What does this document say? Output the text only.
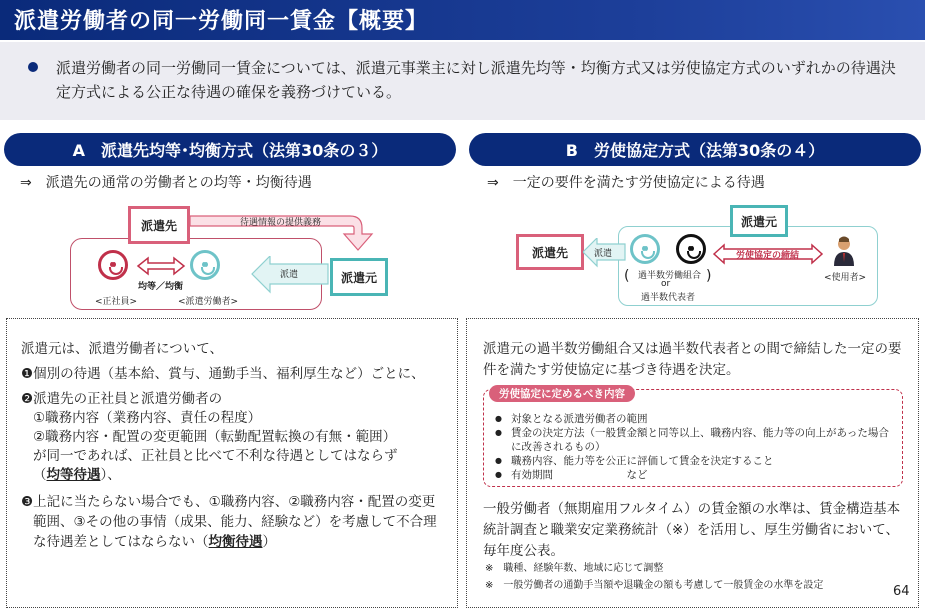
派遣労働者の同一労働同一賃金【概要】
派遣労働者の同一労働同一賃金については、派遣元事業主に対し派遣先均等・均衡方式又は労使協定方式のいずれかの待遇決定方式による公正な待遇の確保を義務づけている。
A　派遣先均等･均衡方式（法第30条の３）	B　労使協定方式（法第30条の４）
⇒　派遣先の通常の労働者との均等・均衡待遇	⇒　一定の要件を満たす労使協定による待遇
派遣先
派遣元
待遇情報の提供義務
派遣
均等／均衡
<正社員>	<派遣労働者>
派遣先
派遣元
派遣	労使協定の締結
<使用者>
(	)
過半数労働組合
or
過半数代表者
派遣元は、派遣労働者について、
❶個別の待遇（基本給、賞与、通勤手当、福利厚生など）ごとに、
❷派遣先の正社員と派遣労働者の
①職務内容（業務内容、責任の程度）
②職務内容・配置の変更範囲（転勤配置転換の有無・範囲）
が同一であれば、正社員と比べて不利な待遇としてはならず
（均等待遇）、
❸上記に当たらない場合でも、①職務内容、②職務内容・配置の変更
範囲、③その他の事情（成果、能力、経験など）を考慮して不合理
な待遇差としてはならない（均衡待遇）
派遣元の過半数労働組合又は過半数代表者との間で締結した一定の要件を満たす労使協定に基づき待遇を決定。
労使協定に定めるべき内容
● 対象となる派遣労働者の範囲
● 賃金の決定方法（一般賃金額と同等以上、職務内容、能力等の向上があった場合に改善されるもの）
● 職務内容、能力等を公正に評価して賃金を決定すること
● 有効期間　　　　　　　など
一般労働者（無期雇用フルタイム）の賃金額の水準は、賃金構造基本統計調査と職業安定業務統計（※）を活用し、厚生労働省において、毎年度公表。
※　職種、経験年数、地域に応じて調整
※　一般労働者の通勤手当額や退職金の額も考慮して一般賃金の水準を設定	64
